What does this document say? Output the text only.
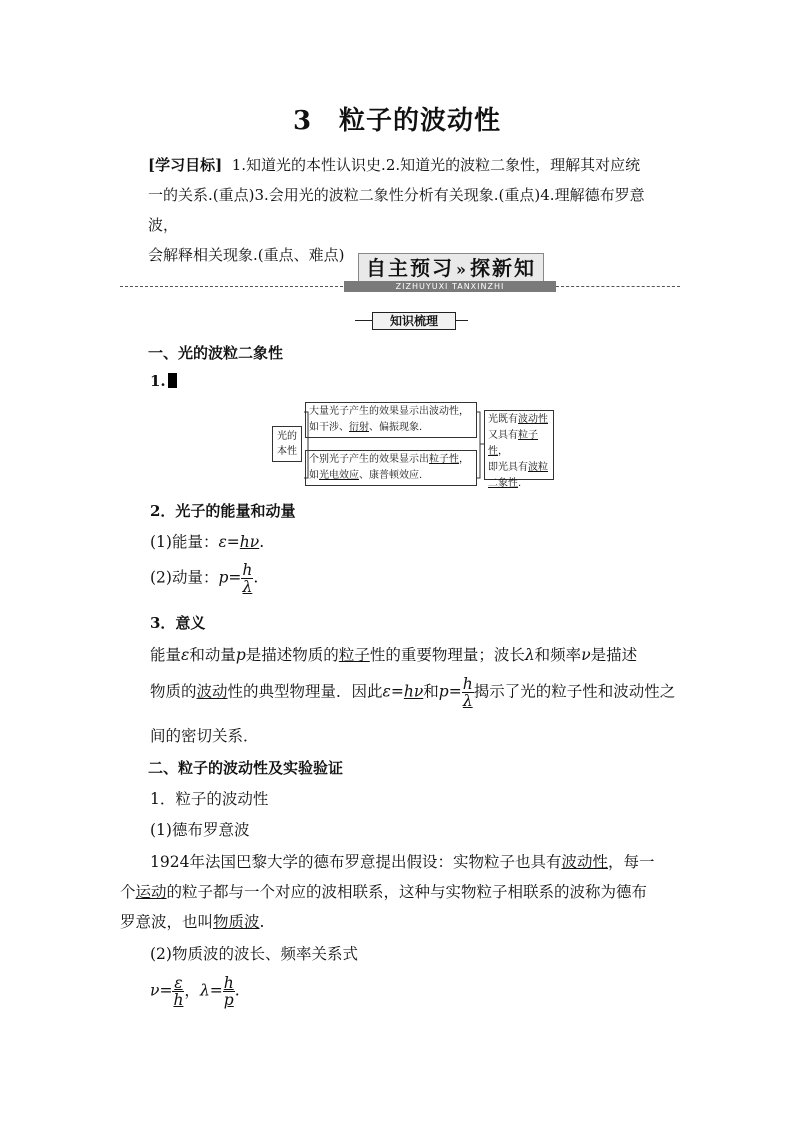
3　粒子的波动性
[学习目标] 1.知道光的本性认识史.2.知道光的波粒二象性，理解其对应统
一的关系.(重点)3.会用光的波粒二象性分析有关现象.(重点)4.理解德布罗意波，
会解释相关现象.(重点、难点)
自主预习 » 探新知
ZIZHUYUXI TANXINZHI
知识梳理
一、光的波粒二象性
1.
光的本性
大量光子产生的效果显示出波动性，
如干涉、衍射、偏振现象.
个别光子产生的效果显示出粒子性，
如光电效应、康普顿效应.
光既有波动性
又具有粒子性，
即光具有波粒
二象性.
2．光子的能量和动量
(1)能量：ε=hν.
(2)动量：$p= \frac{h}{\lambda}$ .
3．意义
能量ε和动量p是描述物质的粒子性的重要物理量；波长λ和频率ν是描述
物质的波动性的典型物理量．因此ε=hν和$p= \frac{h}{\lambda}$ 揭示了光的粒子性和波动性之
间的密切关系．
二、粒子的波动性及实验验证
1．粒子的波动性
(1)德布罗意波
1924年法国巴黎大学的德布罗意提出假设：实物粒子也具有波动性，每一
个运动的粒子都与一个对应的波相联系，这种与实物粒子相联系的波称为德布
罗意波，也叫物质波.
(2)物质波的波长、频率关系式
$\nu= \frac{\varepsilon}{h}$ ，$\lambda= \frac{h}{p}$ .
